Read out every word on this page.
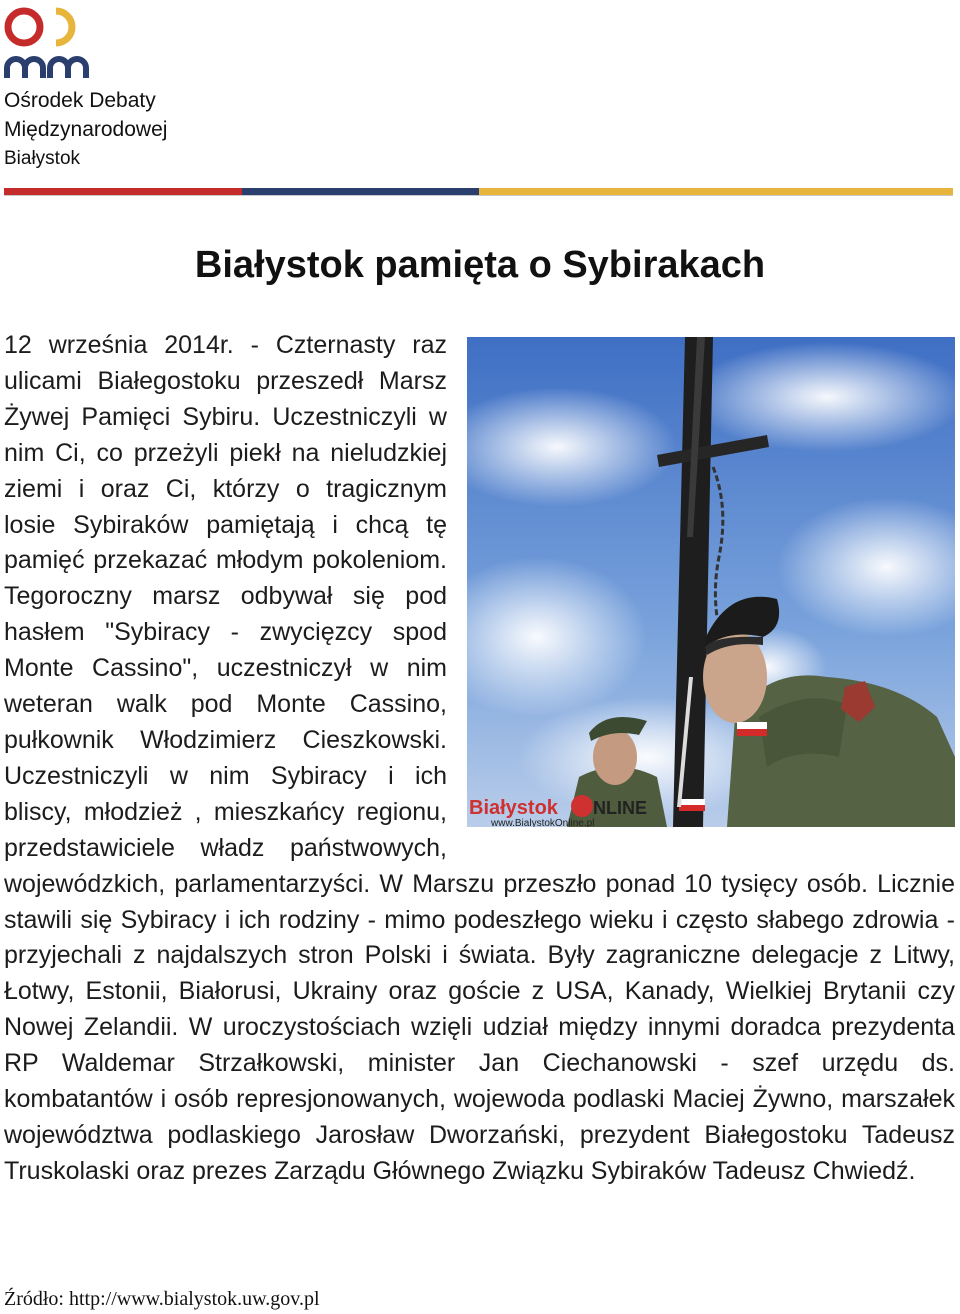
Ośrodek Debaty
Międzynarodowej
Białystok
Białystok pamięta o Sybirakach
Białystok NLINE
www.BialystokOnline.pl
12 września 2014r. - Czternasty raz ulicami Białegostoku przeszedł Marsz Żywej Pamięci Sybiru. Uczestniczyli w nim Ci, co przeżyli piekł na nieludzkiej ziemi i oraz Ci, którzy o tragicznym losie Sybiraków pamiętają i chcą tę pamięć przekazać młodym pokoleniom. Tegoroczny marsz odbywał się pod hasłem "Sybiracy - zwycięzcy spod Monte Cassino", uczestniczył w nim weteran walk pod Monte Cassino, pułkownik Włodzimierz Cieszkowski. Uczestniczyli w nim Sybiracy i ich bliscy, młodzież , mieszkańcy regionu, przedstawiciele władz państwowych, wojewódzkich, parlamentarzyści. W Marszu przeszło ponad 10 tysięcy osób. Licznie stawili się Sybiracy i ich rodziny - mimo podeszłego wieku i często słabego zdrowia - przyjechali z najdalszych stron Polski i świata. Były zagraniczne delegacje z Litwy, Łotwy, Estonii, Białorusi, Ukrainy oraz goście z USA, Kanady, Wielkiej Brytanii czy Nowej Zelandii. W uroczystościach wzięli udział między innymi doradca prezydenta RP Waldemar Strzałkowski, minister Jan Ciechanowski - szef urzędu ds. kombatantów i osób represjonowanych, wojewoda podlaski Maciej Żywno, marszałek województwa podlaskiego Jarosław Dworzański, prezydent Białegostoku Tadeusz Truskolaski oraz prezes Zarządu Głównego Związku Sybiraków Tadeusz Chwiedź.
Źródło: http://www.bialystok.uw.gov.pl
